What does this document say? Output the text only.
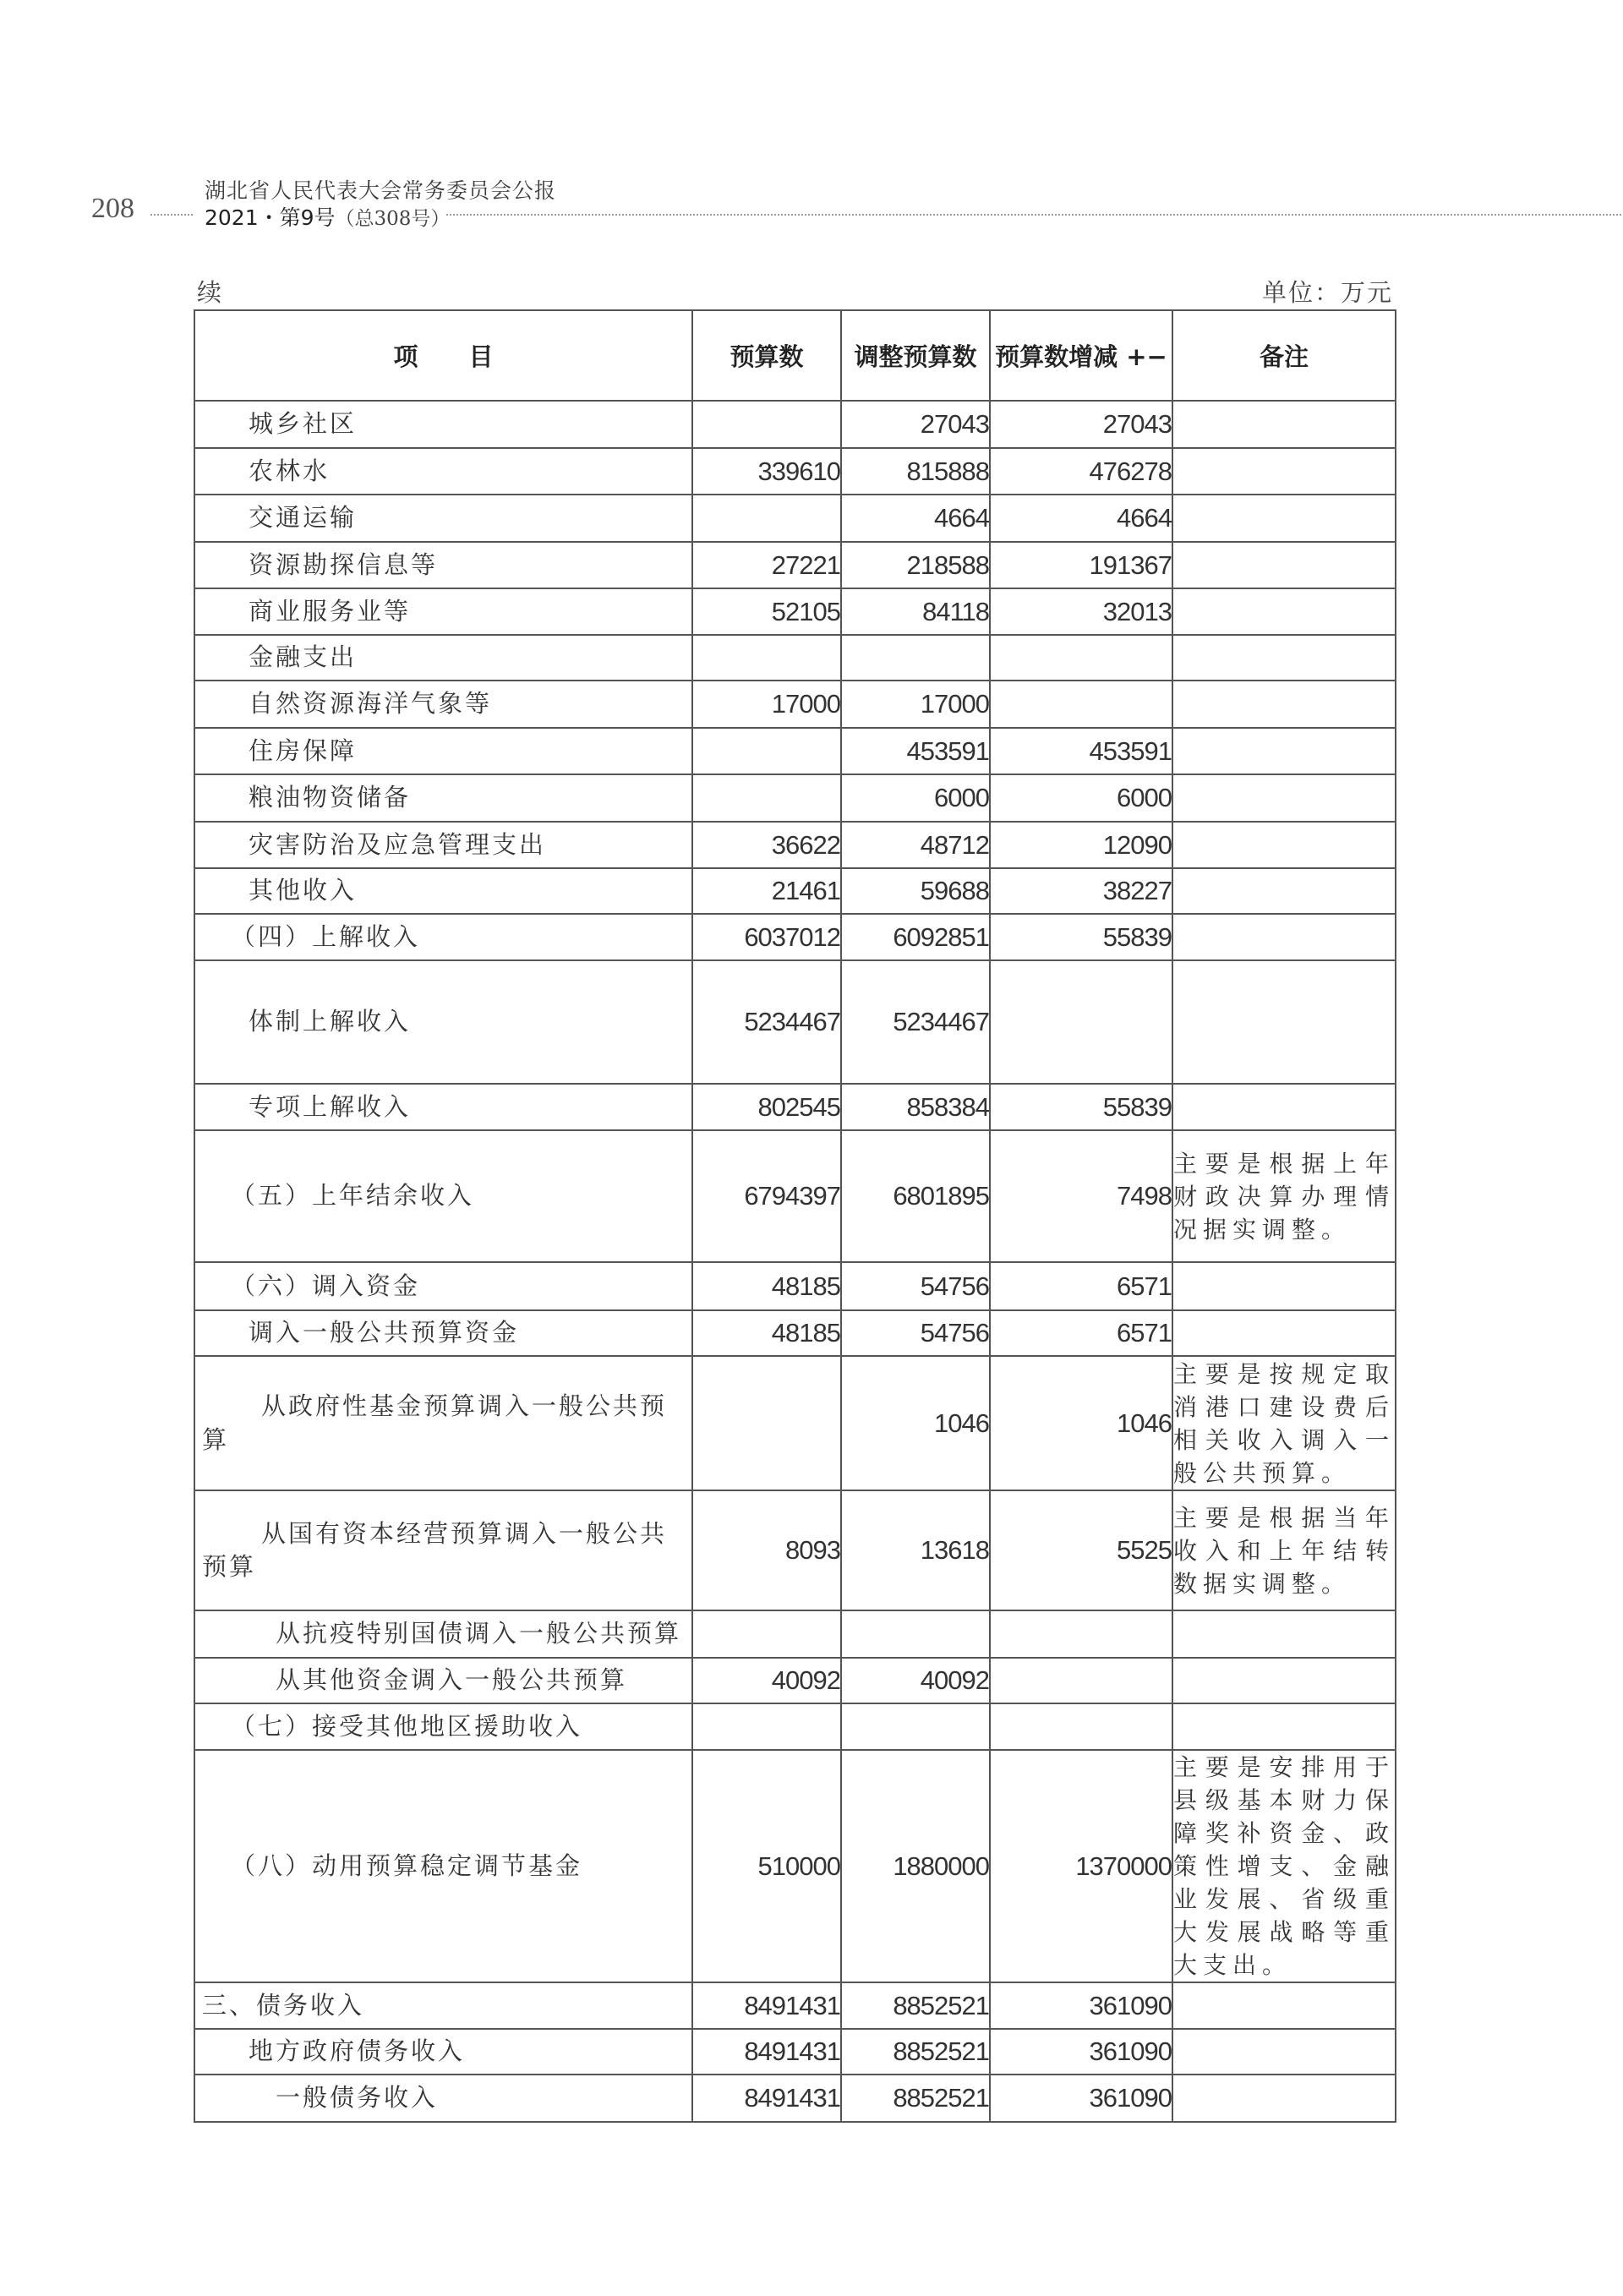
208
湖北省人民代表大会常务委员会公报
2021・第9号（总308号）
续	单位：万元
项目	预算数	调整预算数	预算数增减 +−	备注
城乡社区		27043	27043	
农林水	339610	815888	476278	
交通运输		4664	4664	
资源勘探信息等	27221	218588	191367	
商业服务业等	52105	84118	32013	
金融支出				
自然资源海洋气象等	17000	17000		
住房保障		453591	453591	
粮油物资储备		6000	6000	
灾害防治及应急管理支出	36622	48712	12090	
其他收入	21461	59688	38227	
（四）上解收入	6037012	6092851	55839	
体制上解收入	5234467	5234467		
专项上解收入	802545	858384	55839	
（五）上年结余收入	6794397	6801895	7498	主要是根据上年财政决算办理情况据实调整。
（六）调入资金	48185	54756	6571	
调入一般公共预算资金	48185	54756	6571	
从政府性基金预算调入一般公共预算		1046	1046	主要是按规定取消港口建设费后相关收入调入一般公共预算。
从国有资本经营预算调入一般公共预算	8093	13618	5525	主要是根据当年收入和上年结转数据实调整。
从抗疫特别国债调入一般公共预算				
从其他资金调入一般公共预算	40092	40092		
（七）接受其他地区援助收入				
（八）动用预算稳定调节基金	510000	1880000	1370000	主要是安排用于县级基本财力保障奖补资金、政策性增支、金融业发展、省级重大发展战略等重大支出。
三、债务收入	8491431	8852521	361090	
地方政府债务收入	8491431	8852521	361090	
一般债务收入	8491431	8852521	361090	
